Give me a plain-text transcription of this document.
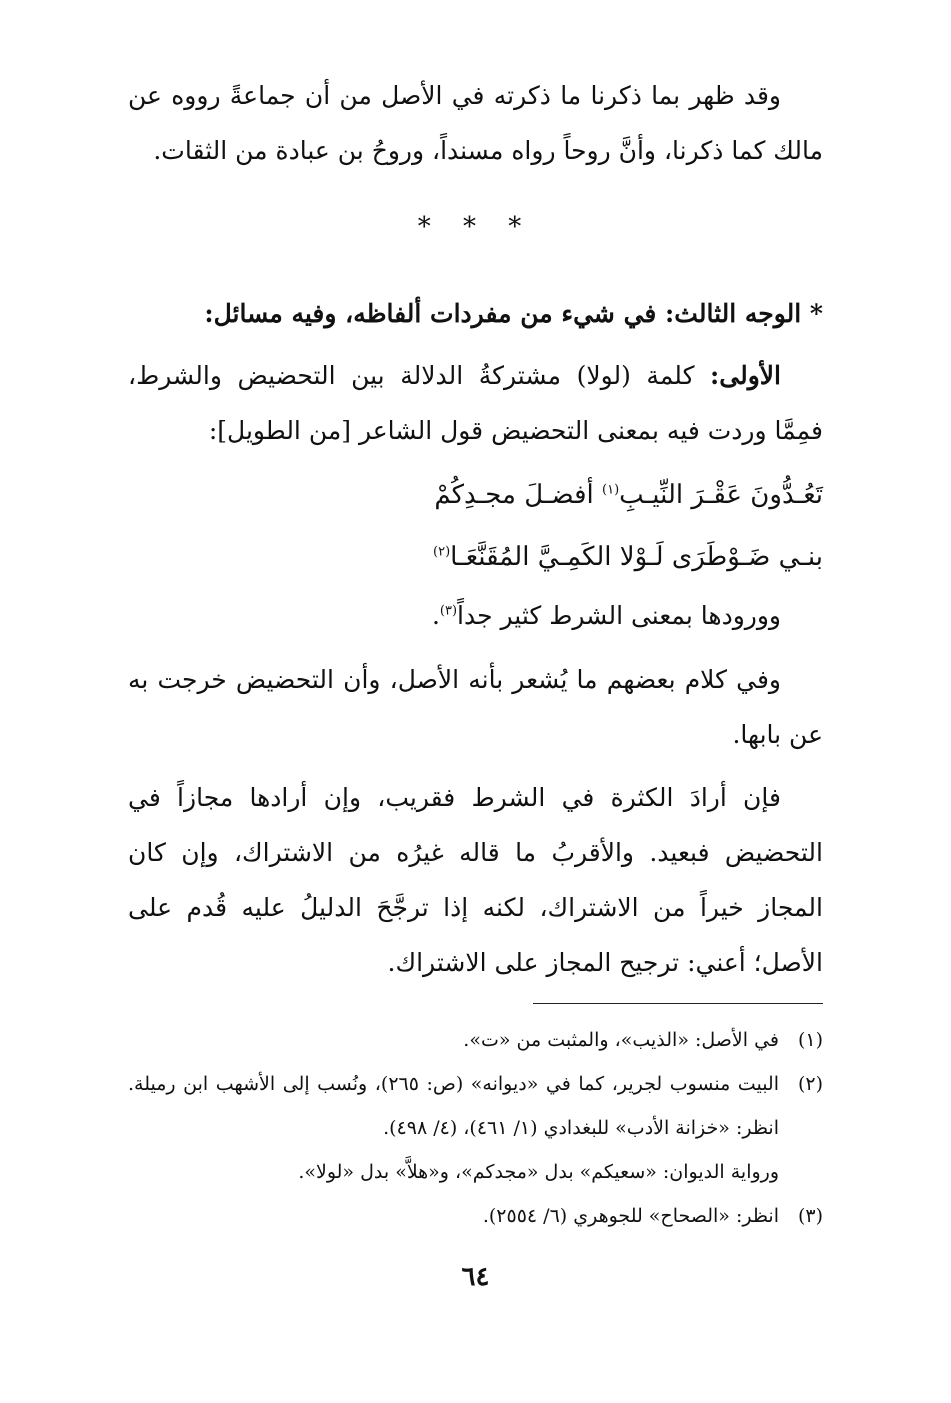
وقد ظهر بما ذكرنا ما ذكرته في الأصل من أن جماعةً رووه عن مالك كما ذكرنا، وأنَّ روحاً رواه مسنداً، وروحُ بن عبادة من الثقات.

* * *

* الوجه الثالث: في شيء من مفردات ألفاظه، وفيه مسائل:

الأولى: كلمة (لولا) مشتركةُ الدلالة بين التحضيض والشرط، فمِمَّا وردت فيه بمعنى التحضيض قول الشاعر [من الطويل]:

تَعُـدُّونَ عَقْـرَ النِّيـبِ$^{(١)}$ أفضـلَ مجـدِكُمْ
بنـي ضَـوْطَرَى لَـوْلا الكَمِـيَّ المُقَنَّعَـا$^{(٢)}$

وورودها بمعنى الشرط كثير جداً$^{(٣)}$.

وفي كلام بعضهم ما يُشعر بأنه الأصل، وأن التحضيض خرجت به عن بابها.

فإن أرادَ الكثرة في الشرط فقريب، وإن أرادها مجازاً في التحضيض فبعيد. والأقربُ ما قاله غيرُه من الاشتراك، وإن كان المجاز خيراً من الاشتراك، لكنه إذا ترجَّحَ الدليلُ عليه قُدم على الأصل؛ أعني: ترجيح المجاز على الاشتراك.

(١)
في الأصل: «الذيب»، والمثبت من «ت».
(٢)
البيت منسوب لجرير، كما في «ديوانه» (ص: ٢٦٥)، ونُسب إلى الأشهب ابن رميلة. انظر: «خزانة الأدب» للبغدادي (١/ ٤٦١)، (٤/ ٤٩٨).
ورواية الديوان: «سعيكم» بدل «مجدكم»، و«هلاَّ» بدل «لولا».
(٣)
انظر: «الصحاح» للجوهري (٦/ ٢٥٥٤).
٦٤
